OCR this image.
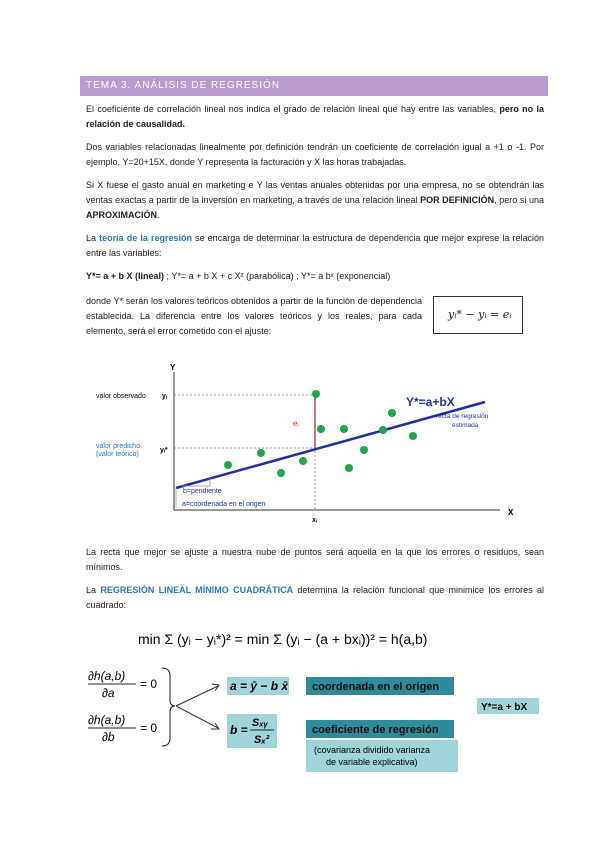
TEMA 3. ANÁLISIS DE REGRESIÓN
El coeficiente de correlación lineal nos indica el grado de relación lineal que hay entre las variables, pero no la relación de causalidad.
Dos variables relacionadas linealmente por definición tendrán un coeficiente de correlación igual a +1 o -1. Por ejemplo, Y=20+15X, donde Y representa la facturación y X las horas trabajadas.
Si X fuese el gasto anual en marketing e Y las ventas anuales obtenidas por una empresa, no se obtendrán las ventas exactas a partir de la inversión en marketing, a través de una relación lineal POR DEFINICIÓN, pero si una APROXIMACIÓN.
La teoría de la regresión se encarga de determinar la estructura de dependencia que mejor exprese la relación entre las variables:
Y*= a + b X (lineal) ; Y*= a + b X + c X² (parabólica) ; Y*= a bˣ (exponencial)
donde Y* serán los valores teóricos obtenidos a partir de la función de dependencia establecida. La diferencia entre los valores teóricos y los reales, para cada elemento, será el error cometido con el ajuste:
yᵢ* − yᵢ = eᵢ
Y
X
valor observado yᵢ
valor predicho
(valor teórico)
yᵢ*
xᵢ
eᵢ
b=pendiente
a=coordenada en el origen
Y*=a+bX
recta de regresión
estimada
La recta que mejor se ajuste a nuestra nube de puntos será aquella en la que los errores o residuos, sean mínimos.
La REGRESIÓN LINEAL MÍNIMO CUADRÁTICA determina la relación funcional que minimice los errores al cuadrado:
min Σ (yᵢ − yᵢ*)² = min Σ (yᵢ − (a + bxᵢ))² = h(a,b)
∂h(a,b)
∂a
= 0
∂h(a,b)
∂b
= 0
a = ȳ − b x̄ coordenada en el origen
b = Sₓᵧ
Sₓ²
coeficiente de regresión
(covarianza dividido varianza
de variable explicativa)
Y*=a + bX
